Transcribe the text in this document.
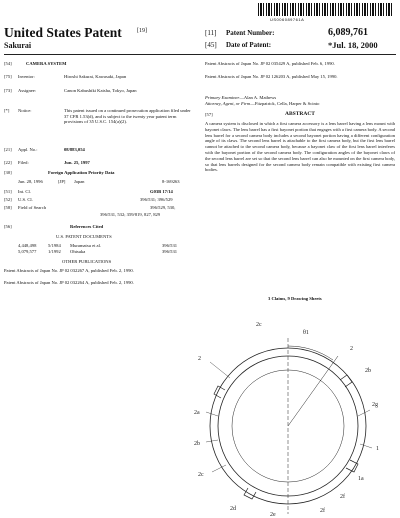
US006089761A
United States Patent	[19]
Sakurai
[11] Patent Number:	6,089,761
[45] Date of Patent:	*Jul. 18, 2000
[54]	CAMERA SYSTEM
[75] Inventor:	Hiroshi Sakurai, Kawasaki, Japan
[73] Assignee:	Canon Kabushiki Kaisha, Tokyo, Japan
[*] Notice:	This patent issued on a continued prosecution application filed under 37 CFR 1.53(d), and is subject to the twenty year patent term provisions of 35 U.S.C. 154(a)(2).
[21] Appl. No.:	08/883,054
[22] Filed:	Jun. 25, 1997
[30]	Foreign Application Priority Data
Jun. 28, 1996	[JP] Japan	8-169263
[51] Int. Cl.	G03B 17/14
[52] U.S. Cl.	396/531; 396/529
[58] Field of Search	396/529, 530,
396/531, 532; 359/819, 827, 829
[56]	References Cited
U.S. PATENT DOCUMENTS
4,448,498	5/1984 Muramatsu et al.	396/531
5,079,577	1/1992 Ohtsuka	396/531
OTHER PUBLICATIONS
Patent Abstracts of Japan No. JP 02 032267 A, published Feb. 2, 1990.
Patent Abstracts of Japan No. JP 02 032264 A, published Feb. 2, 1990.
Patent Abstracts of Japan No. JP 02 035429 A, published Feb. 6, 1990.
Patent Abstracts of Japan No. JP 02 126203 A, published May 15, 1990.
Primary Examiner—Alan A. Mathews
Attorney, Agent, or Firm—Fitzpatrick, Cella, Harper & Scinto
[57]	ABSTRACT
A camera system is disclosed in which a first camera accessory is a lens barrel having a lens mount with bayonet claws. The lens barrel has a first bayonet portion that engages with a first camera body. A second lens barrel for a second camera body includes a second bayonet portion having a different configuration angle of its claws. The second lens barrel is attachable to the first camera body, but the first lens barrel cannot be attached to the second camera body, because a bayonet claw of the first lens barrel interferes with the bayonet portion of the second camera body. The configuration angles of the bayonet claws of the second lens barrel are set so that the second lens barrel can also be mounted on the first camera body, so that lens barrels designed for the second camera body remain compatible with existing first camera bodies.
3 Claims, 9 Drawing Sheets
θ1
2
2a
2b
2c
2d
2e
2f
2g
1
1a
2
2b
2c
2f
